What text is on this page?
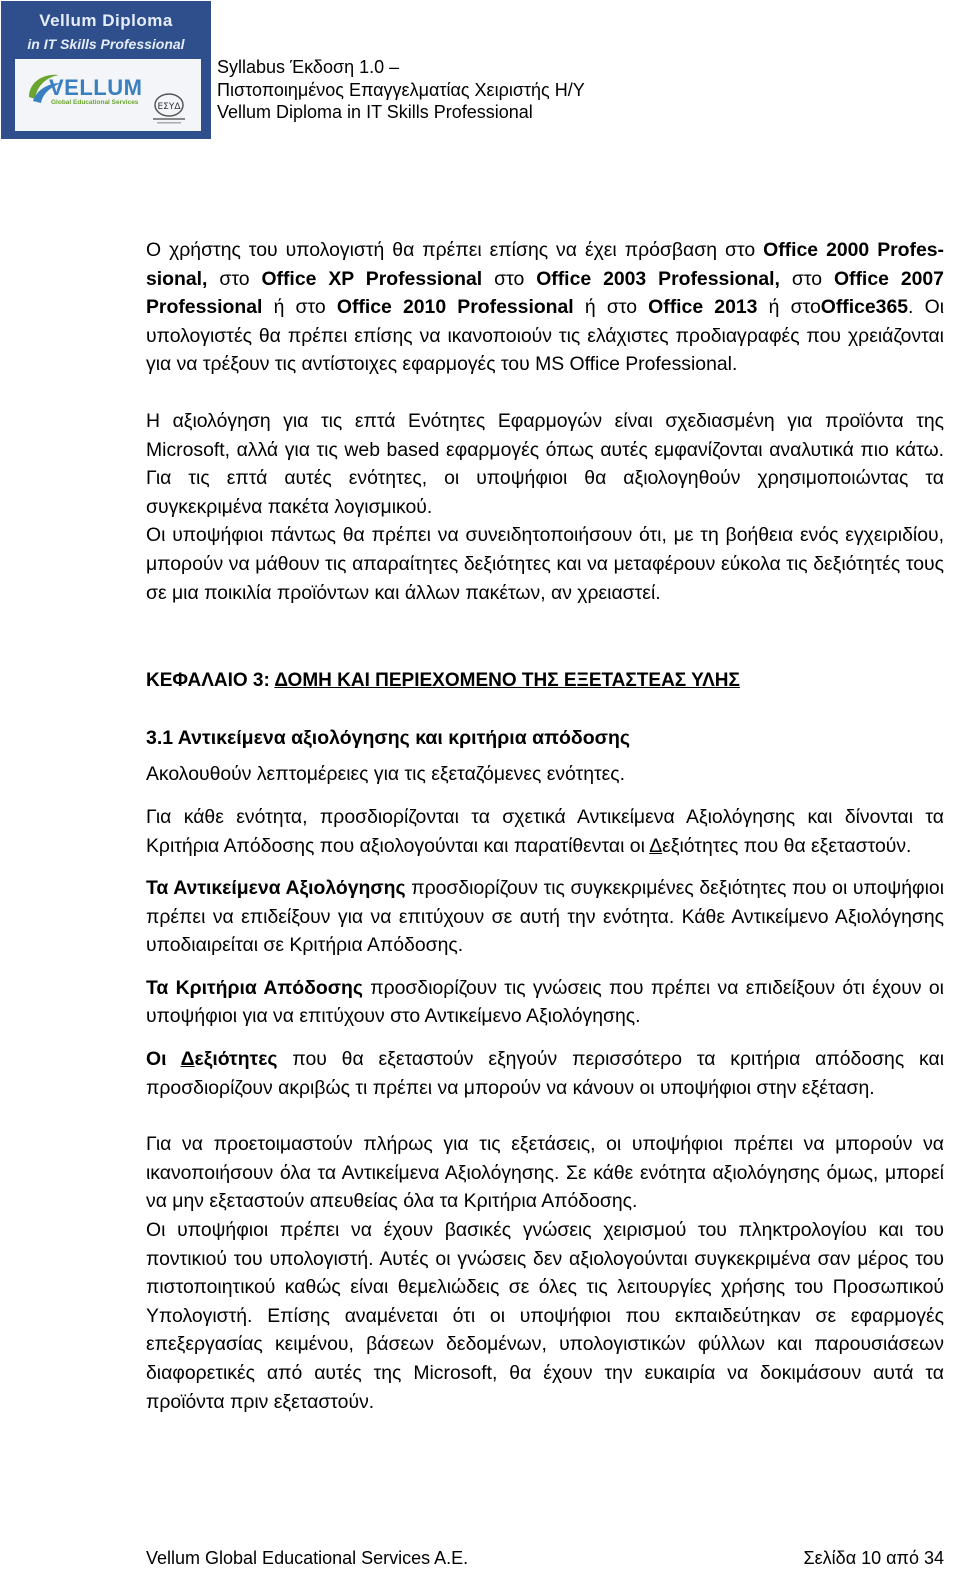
Vellum Diploma
in IT Skills Professional
VELLUM
Global Educational Services ΕΣΥΔ
Syllabus Έκδοση 1.0 –
Πιστοποιημένος Επαγγελματίας Χειριστής Η/Υ
Vellum Diploma in IT Skills Professional

Ο χρήστης του υπολογιστή θα πρέπει επίσης να έχει πρόσβαση στο Office 2000 Profes- sional, στο Office XP Professional στο Office 2003 Professional, στο Office 2007 Professional ή στο Office 2010 Professional ή στο Office 2013 ή στοOffice365. Οι υπολογιστές θα πρέπει επίσης να ικανοποιούν τις ελάχιστες προδιαγραφές που χρειάζονται για να τρέξουν τις αντίστοιχες εφαρμογές του MS Office Professional.

Η αξιολόγηση για τις επτά Ενότητες Εφαρμογών είναι σχεδιασμένη για προϊόντα της Microsoft, αλλά για τις web based εφαρμογές όπως αυτές εμφανίζονται αναλυτικά πιο κάτω. Για τις επτά αυτές ενότητες, οι υποψήφιοι θα αξιολογηθούν χρησιμοποιώντας τα συγκεκριμένα πακέτα λογισμικού.

Οι υποψήφιοι πάντως θα πρέπει να συνειδητοποιήσουν ότι, με τη βοήθεια ενός εγχειριδίου, μπορούν να μάθουν τις απαραίτητες δεξιότητες και να μεταφέρουν εύκολα τις δεξιότητές τους σε μια ποικιλία προϊόντων και άλλων πακέτων, αν χρειαστεί.

ΚΕΦΑΛΑΙΟ 3: ΔΟΜΗ ΚΑΙ ΠΕΡΙΕΧΟΜΕΝΟ ΤΗΣ ΕΞΕΤΑΣΤΕΑΣ ΥΛΗΣ

3.1 Αντικείμενα αξιολόγησης και κριτήρια απόδοσης

Ακολουθούν λεπτομέρειες για τις εξεταζόμενες ενότητες.

Για κάθε ενότητα, προσδιορίζονται τα σχετικά Αντικείμενα Αξιολόγησης και δίνονται τα Κριτήρια Απόδοσης που αξιολογούνται και παρατίθενται οι Δεξιότητες που θα εξεταστούν.

Τα Αντικείμενα Αξιολόγησης προσδιορίζουν τις συγκεκριμένες δεξιότητες που οι υποψήφιοι πρέπει να επιδείξουν για να επιτύχουν σε αυτή την ενότητα. Κάθε Αντικείμενο Αξιολόγησης υποδιαιρείται σε Κριτήρια Απόδοσης.

Τα Κριτήρια Απόδοσης προσδιορίζουν τις γνώσεις που πρέπει να επιδείξουν ότι έχουν οι υποψήφιοι για να επιτύχουν στο Αντικείμενο Αξιολόγησης.

Οι Δεξιότητες που θα εξεταστούν εξηγούν περισσότερο τα κριτήρια απόδοσης και προσδιορίζουν ακριβώς τι πρέπει να μπορούν να κάνουν οι υποψήφιοι στην εξέταση.

Για να προετοιμαστούν πλήρως για τις εξετάσεις, οι υποψήφιοι πρέπει να μπορούν να ικανοποιήσουν όλα τα Αντικείμενα Αξιολόγησης. Σε κάθε ενότητα αξιολόγησης όμως, μπορεί να μην εξεταστούν απευθείας όλα τα Κριτήρια Απόδοσης.

Οι υποψήφιοι πρέπει να έχουν βασικές γνώσεις χειρισμού του πληκτρολογίου και του ποντικιού του υπολογιστή. Αυτές οι γνώσεις δεν αξιολογούνται συγκεκριμένα σαν μέρος του πιστοποιητικού καθώς είναι θεμελιώδεις σε όλες τις λειτουργίες χρήσης του Προσωπικού Υπολογιστή. Επίσης αναμένεται ότι οι υποψήφιοι που εκπαιδεύτηκαν σε εφαρμογές επεξεργασίας κειμένου, βάσεων δεδομένων, υπολογιστικών φύλλων και παρουσιάσεων διαφορετικές από αυτές της Microsoft, θα έχουν την ευκαιρία να δοκιμάσουν αυτά τα προϊόντα πριν εξεταστούν.

Vellum Global Educational Services A.E.	Σελίδα 10 από 34
